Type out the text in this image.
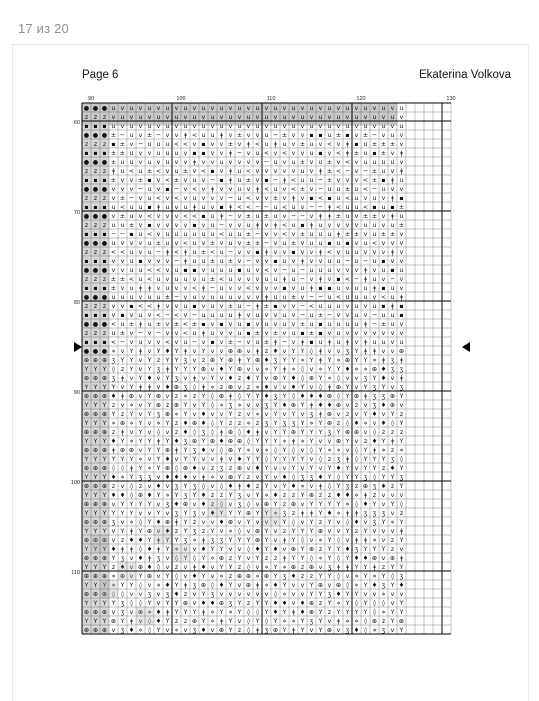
17 из 20
Page 6	Ekaterina Volkova
● ● ● u v u v u v u v u v u v u v u v u v u v u v u v u v u v u v u v u
z z z v u v u v u v u v u v u v u v u v u v u v u v u v u v u v u v u v
▪ ▪ ▪ u v u v u v u v u v u v u v u v u v u v u v u v u v u v u v u v u
● ● ● ± ─ u v ± ─ v v ǂ < u u ǂ v ± v v u ─ ± v v ▪ ▪ u ± ▪ v ± ─ v u v
z z z ▪ ± v ─ u u u < < v ▪ v v ± v ǂ < u ǂ u v ± u v < v ǂ ▪ u ± ± ± v
▪ ▪ ▪ ± ± u v v u u u v ▪ ▪ v v ǂ ─ v u < v < v v u ▪ v < ǂ ± u ▪ ± v ǂ
● ● ● ± u u v u v u v v ǂ v v u v v v v ─ u v u ± v u ± v < v u u u u v
z z z ǂ u < u ± < v u ± v < ▪ v ǂ u < v v v v v u v ǂ ± < ─ v ─ ± u v ǂ
▪ ▪ ▪ ± v v ± ▪ v < ± v u v ─ ▪ ǂ u ± v ▪ ─ ǂ < u u ─ ± v v v < ± ▪ ǂ u
● ● ● v v v ─ u v ▪ ─ v < v ǂ v v u v ǂ < u v < ± v ─ u u ± u < ─ u v v
z z z v ± ─ v u < v < v u v v v ─ u < v v ± v ǂ v ▪ < ▪ u < u v u v ǂ ▪
▪ ▪ ▪ u < u u ▪ ǂ u v u ǂ u v ▪ ǂ < < ─ ─ u < u v ─ ─ ǂ < u u < ▪ u ▪ ±
● ● ● v ± u v < v v v < < ▪ u ǂ ─ v ± u ± u v ─ ─ v ǂ ǂ ± u v ± ± v ǂ u
z z z u u ± v ▪ v v v v ▪ v u ─ v v u ǂ v ǂ < u ▪ ǂ u v v v v u u v u ±
▪ ▪ ▪ ─ ─ ▪ u < v u u u u u u < u u ± ─ v v < v ± u u u ǂ ± ± v u ± ± v
● ● ● u v v v u ± u v < u v ± v u v ± ± ─ v u ± v u u ▪ u ▪ v u < v v v
z z z < < u v u ─ ǂ < ǂ u ± < u ─ v v ▪ ǂ v v ▪ v v ǂ < v u u v v v ǂ v
▪ ▪ ▪ v v u ▪ v v v ─ ǂ u u ± u ± v ─ v v ▪ u v ǂ v v u u ─ u ─ u ▪ v v
● ● ● v v u u < < v u ▪ ▪ v u u u ▪ u v < v ─ u ─ u u u v v v ǂ v u ▪ u
z z z ± ± < u < u v u u v u ± < u v v v u u ǂ u ─ v ǂ v ▪ < ─ ǂ u v ─ v
▪ ▪ ▪ ± v u ǂ ǂ v u v v < ǂ ─ u v v < v v v ▪ v u ǂ ▪ ▪ u v u u ǂ ▪ u v
● ● ● u u u v u u ± ─ v u v u u u v v v ǂ u u ± v ─ ─ u < u u u v < u ǂ
z z z v v ▪ < < ǂ v v u ▪ v u v ± u ─ ǂ ± ▪ v v ─ < u u u v u v u ▪ ǂ ▪
▪ ▪ ▪ v ▪ v u v < ─ < v ─ u u u u ǂ v u v v u v ─ u ± ─ v v u v ─ u u ▪
● ● ● < u ± ǂ u ± v ± < ± ▪ v ▪ v u ▪ v u v u v ± u ▪ u u u u ǂ ─ ± u v
z z z u ± v ─ v ─ v v < u ǂ u v v u ▪ ± v ± v u ▪ ± ▪ v u v v v v v v v
▪ ▪ ▪ < ─ v u v v < v u ─ v ▪ v ± ─ v u ± ǂ ─ v ǂ ▪ u ǂ u ǂ v ǂ u u v u
● ● ● ⋄ v Y ǂ v Y ♦ Y ǂ v Y v v ⊕ ⊕ v ǂ z ♦ v Y Y ◊ ǂ v v ʒ Y ǂ ǂ v v ⊕
⊕ ⊕ ⊕ ʒ Y Y v Y z Y Y ʒ v z ⊕ Y ⊕ ǂ Y ⊕ ♦ ʒ Y Y ⋄ Y ǂ Y ⋄ ⊕ Y Y ⋄ ǂ ʒ ǂ
Y Y Y ◊ z Y v Y ʒ ǂ Y Y Y ⊕ v ♦ Y ⊕ v v ⋄ Y ǂ ⋄ ◊ v ⋄ Y Y ♦ ⋄ ⋄ ⊕ ♦ ʒ ʒ
⊕ ⊕ ⊕ ʒ ǂ v Y ♦ v Y ʒ v ǂ v Y v ♦ z ♦ Y v ⊕ Y ♦ ◊ ⊕ Y ⋄ ◊ v v ʒ Y ♦ v ǂ
Y Y Y Y v Y ǂ ǂ v ♦ ⊕ ʒ ◊ ǂ ⋄ z ⊕ v z ⋄ ♦ v v ♦ Y v ◊ ǂ ⊕ Y v Y ʒ Y v ʒ
⊕ ⊕ ⊕ ♦ ǂ ⊕ v Y ⊕ v z ⋄ z Y ◊ ⊕ ǂ ◊ Y Y ♦ ʒ Y ◊ ♦ ♦ ♦ ⊕ ◊ Y ⊕ ǂ ʒ ʒ ⊕ Y
Y Y Y z v ⋄ v Y ⊕ z ⊕ Y v Y ◊ ⋄ ʒ ⋄ v v ʒ Y ♦ ⊕ Y ǂ ♦ ♦ ⊕ v z v ʒ ♦ ⊕ v
⊕ ⊕ ⊕ Y z Y v Y ʒ ⊕ ⋄ Y v ♦ v v Y z v ⋄ v Y v Y v ʒ ǂ ⊕ v z v Y ♦ v Y z
Y Y Y ⋄ ⊕ ⋄ Y v ⋄ Y z ♦ ⊕ ♦ ◊ Y z z ⋄ z ʒ Y ʒ ʒ Y ⋄ Y ⊕ z ◊ ♦ ⋄ v ♦ ◊ Y
⊕ ⊕ ⊕ z ǂ v Y v ◊ v z ♦ ◊ ʒ ◊ ǂ ⊕ ◊ ♦ ǂ v Y Y ⊕ Y Y Y ʒ Y ⊕ ⊕ v ◊ z z z
Y Y Y ♦ Y ⋄ Y Y ǂ Y ♦ ʒ ⊕ Y ⊕ ♦ ⊕ ⊕ ◊ Y Y Y ⋄ ǂ ⋄ Y v v ⊕ Y v z ♦ Y ǂ Y
⊕ ⊕ ⊕ ǂ ⊕ ⊕ v Y Y ⊕ ǂ Y ʒ ♦ v ◊ ⊕ Y ⋄ v ⋄ ◊ Y ◊ v ◊ Y ⋄ ⋄ v ◊ Y ǂ ⋄ z ⋄
Y Y Y Y Y Y ⋄ v Y ♦ v Y Y v v ǂ v ♦ Y Y ◊ Y Y Y Y v ◊ z ʒ ǂ ◊ Y Y Y ʒ ◊
⊕ ⊕ ⊕ ◊ ◊ ǂ Y ⋄ Y ⊕ ◊ ⊕ ♦ v z ʒ z ⊕ v ♦ Y v v Y v Y v Y ♦ Y v Y Y z ♦ Y
Y Y Y ♦ ⋄ Y ʒ ʒ v ♦ ♦ ♦ v ǂ ⋄ v ⊕ Y z v Y v ♦ ◊ ʒ ʒ ♦ Y ◊ Y Y ʒ ◊ Y Y ʒ
⊕ ⊕ ⊕ z v ◊ z v ♦ v ʒ Y ʒ ◊ v ◊ ♦ ǂ ♦ z Y v Y ♦ ⋄ v ǂ ◊ Y ʒ z ⊕ ʒ ♦ z Y
Y Y Y ♦ ♦ ◊ ⊕ ♦ Y ⋄ Y ʒ Y ♦ z z Y ʒ v Y ⋄ ♦ z z Y ⊕ z z ♦ ♦ ⋄ ǂ z v v v
⊕ ⊕ ⊕ v Y Y Y Y v ʒ ♦ ⊕ v ♦ z ◊ v ʒ ◊ v ⊕ Y z ⊕ v Y Y Y Y ⋄ ◊ ♦ Y v Y ◊
Y Y Y Y Y Y v v Y v ʒ Y ʒ v ♦ Y Y Y ⊕ Y Y ⋄ ʒ z ǂ ǂ Y ♦ ⋄ ǂ ǂ ʒ ʒ ʒ v z
⊕ ⊕ ⊕ ʒ v ⋄ ◊ Y ♦ ⊕ ǂ Y z v v ♦ ⊕ v Y v v v Y ◊ v Y z Y v ◊ ♦ v ʒ Y ⋄ Y
Y Y Y v Y ǂ Y ⊕ v ♦ z Y ʒ z Y v ⋄ ◊ v ⊕ Y v z Y Y Y ⊕ v v Y z Y v v v ǂ
⊕ ⊕ ⊕ v z ♦ ♦ Y ǂ Y Y ʒ ⋄ ǂ ʒ ʒ Y Y Y ⊕ Y v ǂ Y ◊ v ⋄ Y ◊ v ǂ ǂ ⋄ v z Y
Y Y Y ♦ ǂ ǂ ◊ ♦ ǂ Y ⋄ v v ♦ Y Y v v ◊ ♦ Y ♦ v ⊕ Y ⊕ z Y Y ♦ ʒ Y Y Y z v
⊕ ⊕ ⊕ Y ʒ v ♦ ǂ ʒ v ◊ Y ◊ Y ⋄ ⊕ z Y v Y z z ǂ Y Y ◊ ⋄ Y ◊ Y ♦ ♦ ⊕ v ⊕ ǂ
Y Y Y z ♦ v ⊕ ♦ ◊ v z v ǂ ♦ v Y Y z ◊ v ⋄ Y ⋄ ⊕ z ⊕ v ʒ ǂ ǂ Y Y ǂ z Y Y
⊕ ⊕ ⊕ ⋄ ⊕ v Y ⊕ v Y ◊ v ♦ Y v ⋄ z ⊕ ⊕ ⋄ ⊕ Y ʒ ♦ z z Y Y ◊ v ⋄ Y ⋄ Y ◊ ʒ
Y Y Y ⋄ Y Y ◊ v ⋄ ♦ Y ǂ ʒ ⊕ ◊ ♦ Y v ⊕ ǂ ⋄ ♦ Y v v Y ⊕ v ⊕ ◊ ⋄ Y ♦ ʒ Y ♦
⊕ ⊕ ⊕ ◊ ◊ v v ʒ v ʒ ♦ z v Y ʒ v v v v v v ◊ ⋄ v v Y Y ʒ ♦ Y Y v v ⋄ v v
Y Y Y Y ʒ ◊ ◊ Y v Y Y ⊕ v ♦ ♦ ⊕ ʒ Y z Y Y ♦ ♦ v ♦ ⊕ z Y ⋄ Y ◊ Y ◊ ◊ v Y
⊕ ⊕ ⊕ v ʒ v ⊕ ⋄ ♦ ǂ Y Y Y ǂ ⋄ Y ⋄ Y ◊ ◊ Y ♦ Y ǂ ♦ ⊕ Y z Y Y Y Y ◊ ⋄ Y Y
Y Y Y ⊕ Y ǂ v ◊ ♦ Y z z ⊕ Y ⋄ ǂ Y v ◊ Y ◊ Y ⋄ ⋄ Y ʒ Y v ǂ ⋄ ⋄ ◊ ⊕ z Y ⊕
⊕ ⊕ ⊕ v ʒ ♦ ⋄ ◊ Y v ⋄ v ʒ ♦ v ⊕ Y z ◊ ǂ ʒ ⊕ Y ǂ Y v Y ⊕ v ʒ ♦ ◊ ⋄ ʒ v Y
90	100	110	120	130
60
70
80
90
100
110
